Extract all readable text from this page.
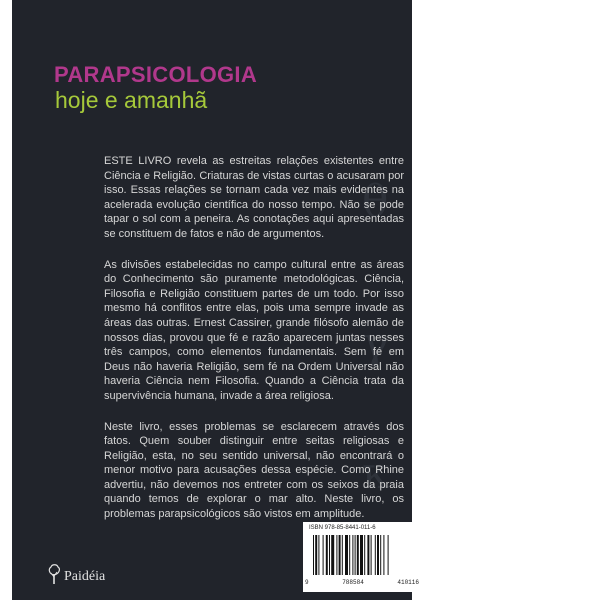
θ
γ
κ
PARAPSICOLOGIA
hoje e amanhã

ESTE LIVRO revela as estreitas relações existentes entre Ciência e Religião. Criaturas de vistas curtas o acusaram por isso. Essas relações se tornam cada vez mais evidentes na acelerada evolução científica do nosso tempo. Não se pode tapar o sol com a peneira. As conotações aqui apresentadas se constituem de fatos e não de argumentos.

As divisões estabelecidas no campo cultural entre as áreas do Conhecimento são puramente metodológicas. Ciência, Filosofia e Religião constituem partes de um todo. Por isso mesmo há conflitos entre elas, pois uma sempre invade as áreas das outras. Ernest Cassirer, grande filósofo alemão de nossos dias, provou que fé e razão aparecem juntas nesses três campos, como elementos fundamentais. Sem fé em Deus não haveria Religião, sem fé na Ordem Universal não haveria Ciência nem Filosofia. Quando a Ciência trata da supervivência humana, invade a área religiosa.

Neste livro, esses problemas se esclarecem através dos fatos. Quem souber distinguir entre seitas religiosas e Religião, esta, no seu sentido universal, não encontrará o menor motivo para acusações dessa espécie. Como Rhine advertiu, não devemos nos entreter com os seixos da praia quando temos de explorar o mar alto. Neste livro, os problemas parapsicológicos são vistos em amplitude.

Paidéia
ISBN 978-85-8441-011-6
9	788584	410116
